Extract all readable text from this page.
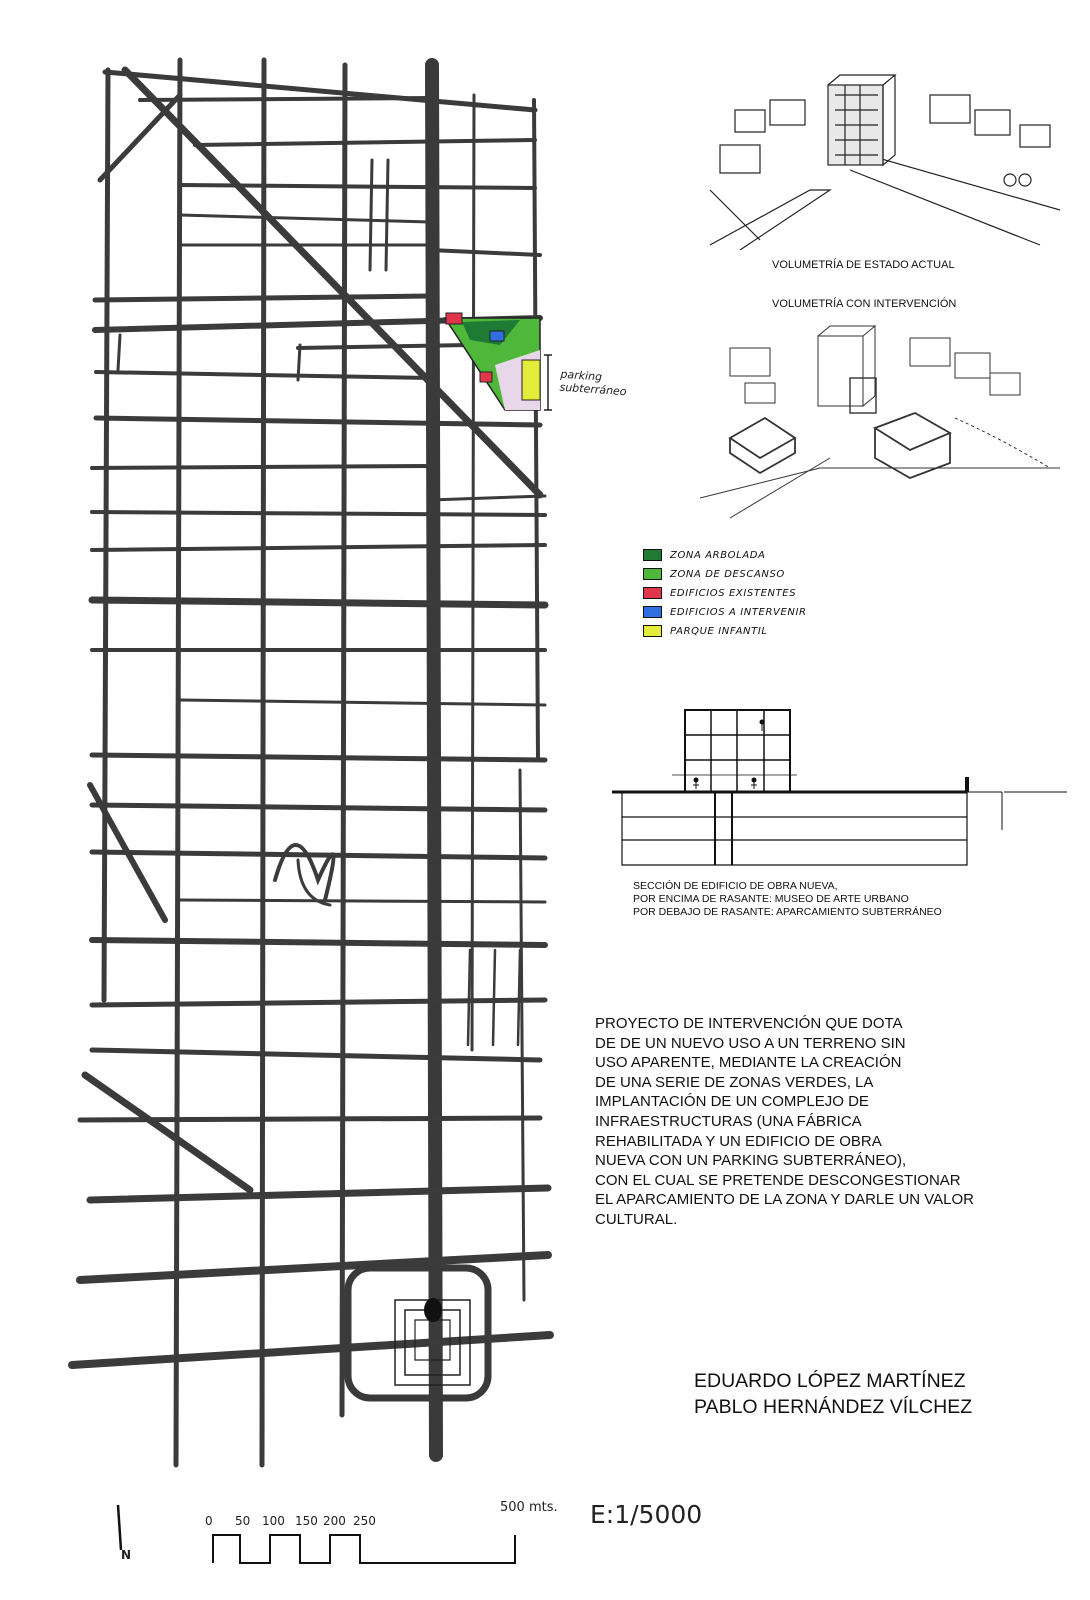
parking
subterráneo
VOLUMETRÍA DE ESTADO ACTUAL
VOLUMETRÍA CON INTERVENCIÓN
ZONA ARBOLADA
ZONA DE DESCANSO
EDIFICIOS EXISTENTES
EDIFICIOS A INTERVENIR
PARQUE INFANTIL
SECCIÓN DE EDIFICIO DE OBRA NUEVA,
POR ENCIMA DE RASANTE: MUSEO DE ARTE URBANO
POR DEBAJO DE RASANTE: APARCAMIENTO SUBTERRÁNEO
PROYECTO DE INTERVENCIÓN QUE DOTA
DE DE UN NUEVO USO A UN TERRENO SIN
USO APARENTE, MEDIANTE LA CREACIÓN
DE UNA SERIE DE ZONAS VERDES, LA
IMPLANTACIÓN DE UN COMPLEJO DE
INFRAESTRUCTURAS (UNA FÁBRICA
REHABILITADA Y UN EDIFICIO DE OBRA
NUEVA CON UN PARKING SUBTERRÁNEO),
CON EL CUAL SE PRETENDE DESCONGESTIONAR
EL APARCAMIENTO DE LA ZONA Y DARLE UN VALOR
CULTURAL.
EDUARDO LÓPEZ MARTÍNEZ
PABLO HERNÁNDEZ VÍLCHEZ
N
0 50 100 150 200 250
500 mts. E:1/5000
